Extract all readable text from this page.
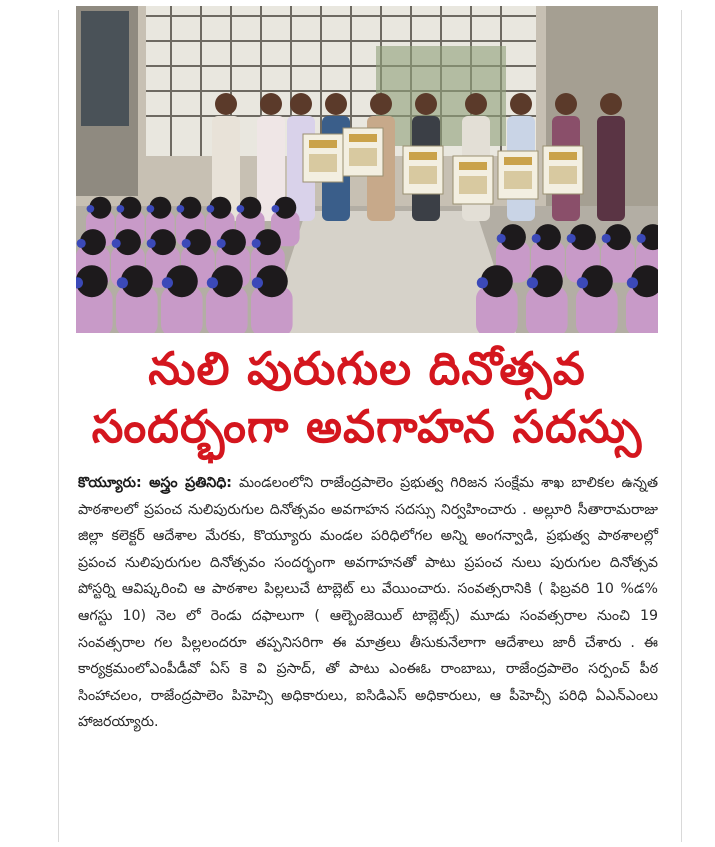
నులి పురుగుల దినోత్సవ
సందర్భంగా అవగాహన సదస్సు
కొయ్యూరు: అస్త్రం ప్రతినిధి: మండలంలోని రాజేంద్రపాలెం ప్రభుత్వ గిరిజన సంక్షేమ శాఖ బాలికల ఉన్నత పాఠశాలలో ప్రపంచ నులిపురుగుల దినోత్సవం అవగాహన సదస్సు నిర్వహించారు . అల్లూరి సీతారామరాజు జిల్లా కలెక్టర్ ఆదేశాల మేరకు, కొయ్యూరు మండల పరిధిలోగల అన్ని అంగన్వాడి, ప్రభుత్వ పాఠశాలల్లో ప్రపంచ నులిపురుగుల దినోత్సవం సందర్భంగా అవగాహనతో పాటు ప్రపంచ నులు పురుగుల దినోత్సవ పోస్టర్ని ఆవిష్కరించి ఆ పాఠశాల పిల్లలుచే టాబ్లెట్ లు వేయించారు. సంవత్సరానికి ( ఫిబ్రవరి 10 %డ% ఆగస్టు 10) నెల లో రెండు దఫాలుగా ( ఆల్బెంజెయిల్ టాబ్లెట్స్) మూడు సంవత్సరాల నుంచి 19 సంవత్సరాల గల పిల్లలందరూ తప్పనిసరిగా ఈ మాత్రలు తీసుకునేలాగా ఆదేశాలు జారీ చేశారు . ఈ కార్యక్రమంలోఎంపీడీవో ఏస్ కె వి ప్రసాద్, తో పాటు ఎంఈఓ రాంబాబు, రాజేంద్రపాలెం సర్పంచ్ పీఠ సింహాచలం, రాజేంద్రపాలెం పిహెచ్సి అధికారులు, ఐసిడిఎస్ అధికారులు, ఆ పీహెచ్సీ పరిధి ఏఎన్ఎంలు హాజరయ్యారు.
